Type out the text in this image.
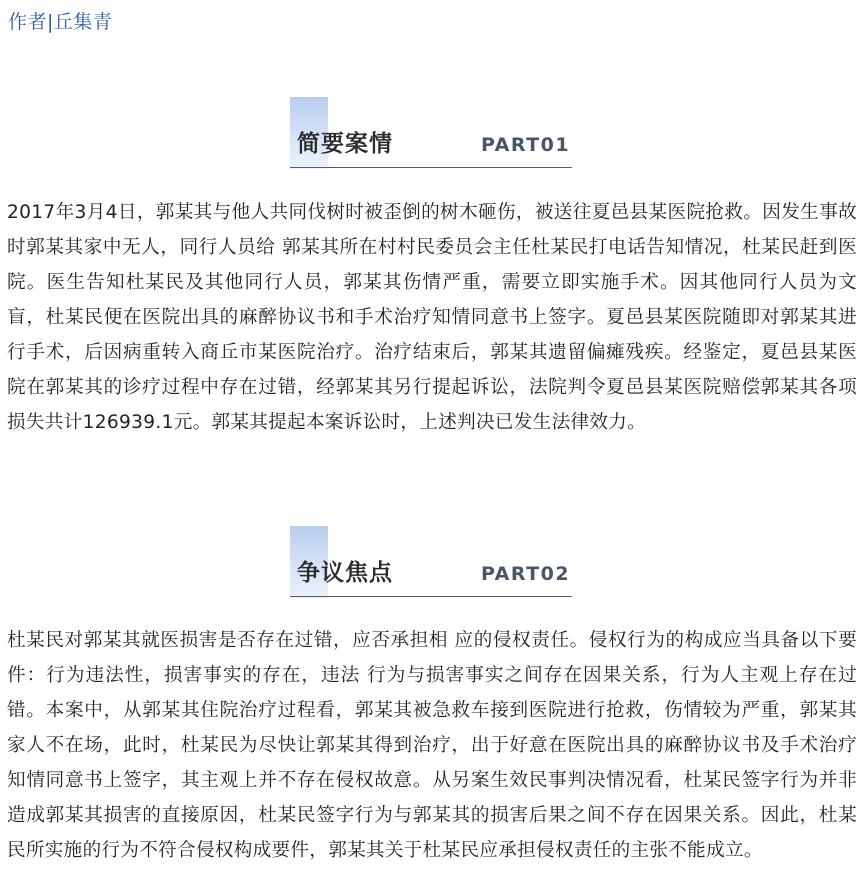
作者|丘集青
简要案情	PART01

2017年3月4日，郭某其与他人共同伐树时被歪倒的树木砸伤，被送往夏邑县某医院抢救。因发生事故时郭某其家中无人，同行人员给 郭某其所在村村民委员会主任杜某民打电话告知情况，杜某民赶到医院。医生告知杜某民及其他同行人员，郭某其伤情严重，需要立即实施手术。因其他同行人员为文盲，杜某民便在医院出具的麻醉协议书和手术治疗知情同意书上签字。夏邑县某医院随即对郭某其进行手术，后因病重转入商丘市某医院治疗。治疗结束后，郭某其遗留偏瘫残疾。经鉴定，夏邑县某医院在郭某其的诊疗过程中存在过错，经郭某其另行提起诉讼，法院判令夏邑县某医院赔偿郭某其各项损失共计126939.1元。郭某其提起本案诉讼时，上述判决已发生法律效力。

争议焦点	PART02

杜某民对郭某其就医损害是否存在过错，应否承担相 应的侵权责任。侵权行为的构成应当具备以下要件：行为违法性，损害事实的存在，违法 行为与损害事实之间存在因果关系，行为人主观上存在过错。本案中，从郭某其住院治疗过程看，郭某其被急救车接到医院进行抢救，伤情较为严重，郭某其家人不在场，此时，杜某民为尽快让郭某其得到治疗，出于好意在医院出具的麻醉协议书及手术治疗知情同意书上签字，其主观上并不存在侵权故意。从另案生效民事判决情况看，杜某民签字行为并非造成郭某其损害的直接原因，杜某民签字行为与郭某其的损害后果之间不存在因果关系。因此，杜某民所实施的行为不符合侵权构成要件，郭某其关于杜某民应承担侵权责任的主张不能成立。
